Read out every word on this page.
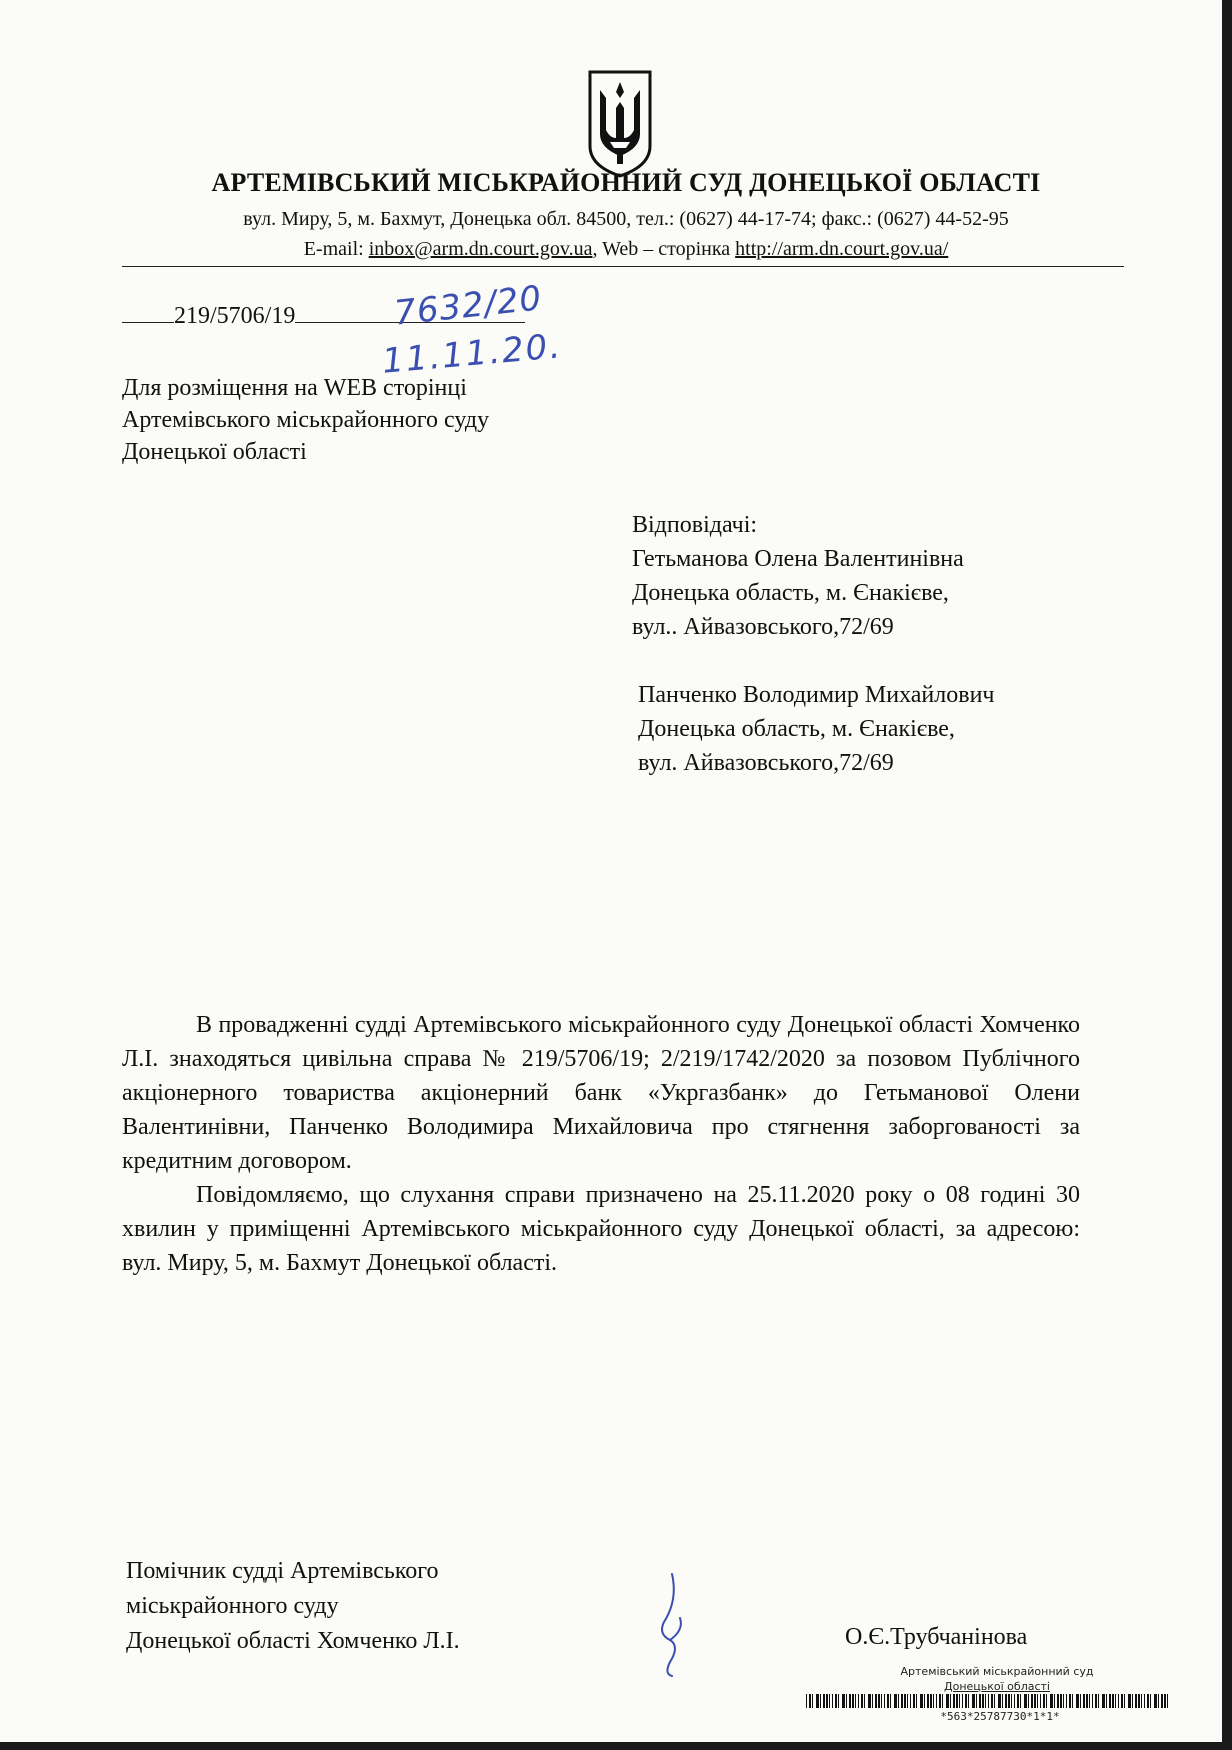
АРТЕМІВСЬКИЙ МІСЬКРАЙОННИЙ СУД ДОНЕЦЬКОЇ ОБЛАСТІ
вул. Миру, 5, м. Бахмут, Донецька обл. 84500, тел.: (0627) 44-17-74; факс.: (0627) 44-52-95
E-mail: inbox@arm.dn.court.gov.ua, Web – сторінка http://arm.dn.court.gov.ua/
219/5706/19	7632/20
11.11.20.
Для розміщення на WEB сторінці
Артемівського міськрайонного суду
Донецької області
Відповідачі:
Гетьманова Олена Валентинівна
Донецька область, м. Єнакієве,
вул.. Айвазовського,72/69
Панченко Володимир Михайлович
Донецька область, м. Єнакієве,
вул. Айвазовського,72/69

В провадженні судді Артемівського міськрайонного суду Донецької області Хомченко Л.І. знаходяться цивільна справа № 219/5706/19; 2/219/1742/2020 за позовом Публічного акціонерного товариства акціонерний банк «Укргазбанк» до Гетьманової Олени Валентинівни, Панченко Володимира Михайловича про стягнення заборгованості за кредитним договором.

Повідомляємо, що слухання справи призначено на 25.11.2020 року о 08 годині 30 хвилин у приміщенні Артемівського міськрайонного суду Донецької області, за адресою: вул. Миру, 5, м. Бахмут Донецької області.

Помічник судді Артемівського
міськрайонного суду
Донецької області Хомченко Л.І.	О.Є.Трубчанінова
Артемівський міськрайонний суд
Донецької області
*563*25787730*1*1*
